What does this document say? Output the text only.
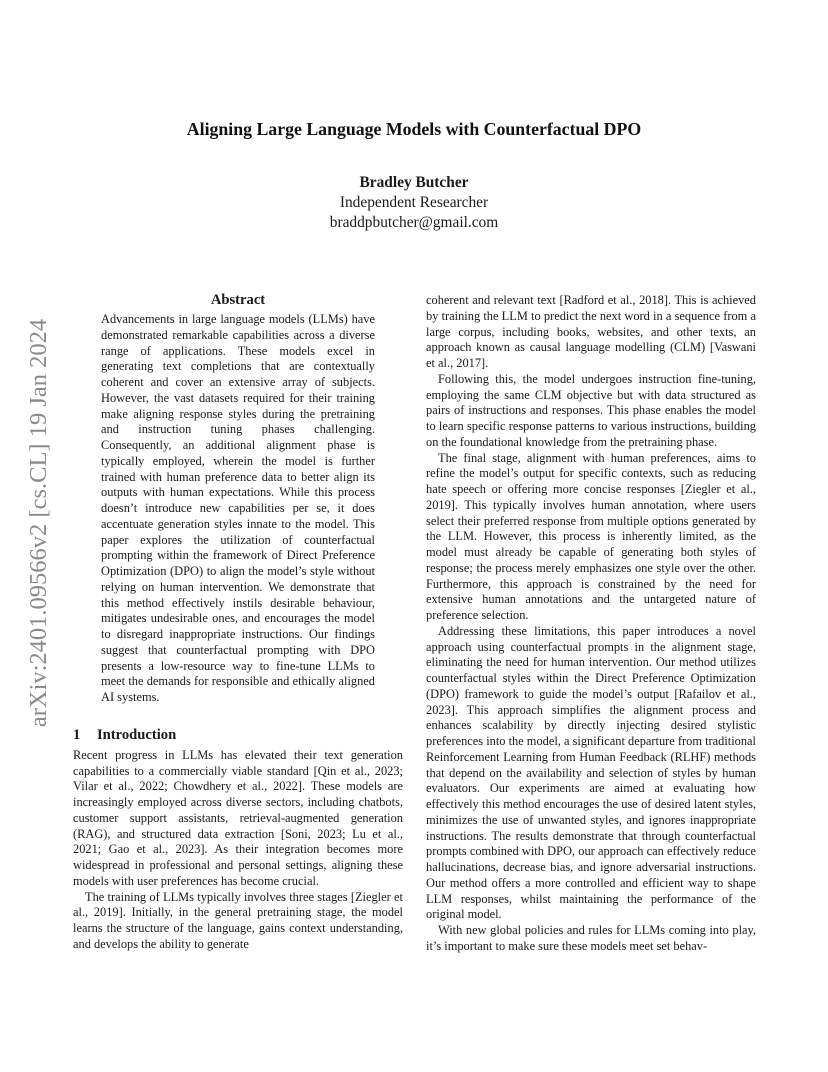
arXiv:2401.09566v2 [cs.CL] 19 Jan 2024
Aligning Large Language Models with Counterfactual DPO
Bradley Butcher
Independent Researcher
braddpbutcher@gmail.com
Abstract
Advancements in large language models (LLMs) have demonstrated remarkable capabilities across a diverse range of applications. These models excel in generating text completions that are contextually coherent and cover an extensive array of subjects. However, the vast datasets required for their training make aligning response styles during the pretraining and instruction tuning phases challenging. Consequently, an additional alignment phase is typically employed, wherein the model is further trained with human preference data to better align its outputs with human expectations. While this process doesn’t introduce new capabilities per se, it does accentuate generation styles innate to the model. This paper explores the utilization of counterfactual prompting within the framework of Direct Preference Optimization (DPO) to align the model’s style without relying on human intervention. We demonstrate that this method effectively instils desirable behaviour, mitigates undesirable ones, and encourages the model to disregard inappropriate instructions. Our findings suggest that counterfactual prompting with DPO presents a low-resource way to fine-tune LLMs to meet the demands for responsible and ethically aligned AI systems.
1 Introduction

Recent progress in LLMs has elevated their text generation capabilities to a commercially viable standard [Qin et al., 2023; Vilar et al., 2022; Chowdhery et al., 2022]. These models are increasingly employed across diverse sectors, including chatbots, customer support assistants, retrieval-augmented generation (RAG), and structured data extraction [Soni, 2023; Lu et al., 2021; Gao et al., 2023]. As their integration becomes more widespread in professional and personal settings, aligning these models with user preferences has become crucial.

The training of LLMs typically involves three stages [Ziegler et al., 2019]. Initially, in the general pretraining stage, the model learns the structure of the language, gains context understanding, and develops the ability to generate

coherent and relevant text [Radford et al., 2018]. This is achieved by training the LLM to predict the next word in a sequence from a large corpus, including books, websites, and other texts, an approach known as causal language modelling (CLM) [Vaswani et al., 2017].

Following this, the model undergoes instruction fine-tuning, employing the same CLM objective but with data structured as pairs of instructions and responses. This phase enables the model to learn specific response patterns to various instructions, building on the foundational knowledge from the pretraining phase.

The final stage, alignment with human preferences, aims to refine the model’s output for specific contexts, such as reducing hate speech or offering more concise responses [Ziegler et al., 2019]. This typically involves human annotation, where users select their preferred response from multiple options generated by the LLM. However, this process is inherently limited, as the model must already be capable of generating both styles of response; the process merely emphasizes one style over the other. Furthermore, this approach is constrained by the need for extensive human annotations and the untargeted nature of preference selection.

Addressing these limitations, this paper introduces a novel approach using counterfactual prompts in the alignment stage, eliminating the need for human intervention. Our method utilizes counterfactual styles within the Direct Preference Optimization (DPO) framework to guide the model’s output [Rafailov et al., 2023]. This approach simplifies the alignment process and enhances scalability by directly injecting desired stylistic preferences into the model, a significant departure from traditional Reinforcement Learning from Human Feedback (RLHF) methods that depend on the availability and selection of styles by human evaluators. Our experiments are aimed at evaluating how effectively this method encourages the use of desired latent styles, minimizes the use of unwanted styles, and ignores inappropriate instructions. The results demonstrate that through counterfactual prompts combined with DPO, our approach can effectively reduce hallucinations, decrease bias, and ignore adversarial instructions. Our method offers a more controlled and efficient way to shape LLM responses, whilst maintaining the performance of the original model.

With new global policies and rules for LLMs coming into play, it’s important to make sure these models meet set behav-
